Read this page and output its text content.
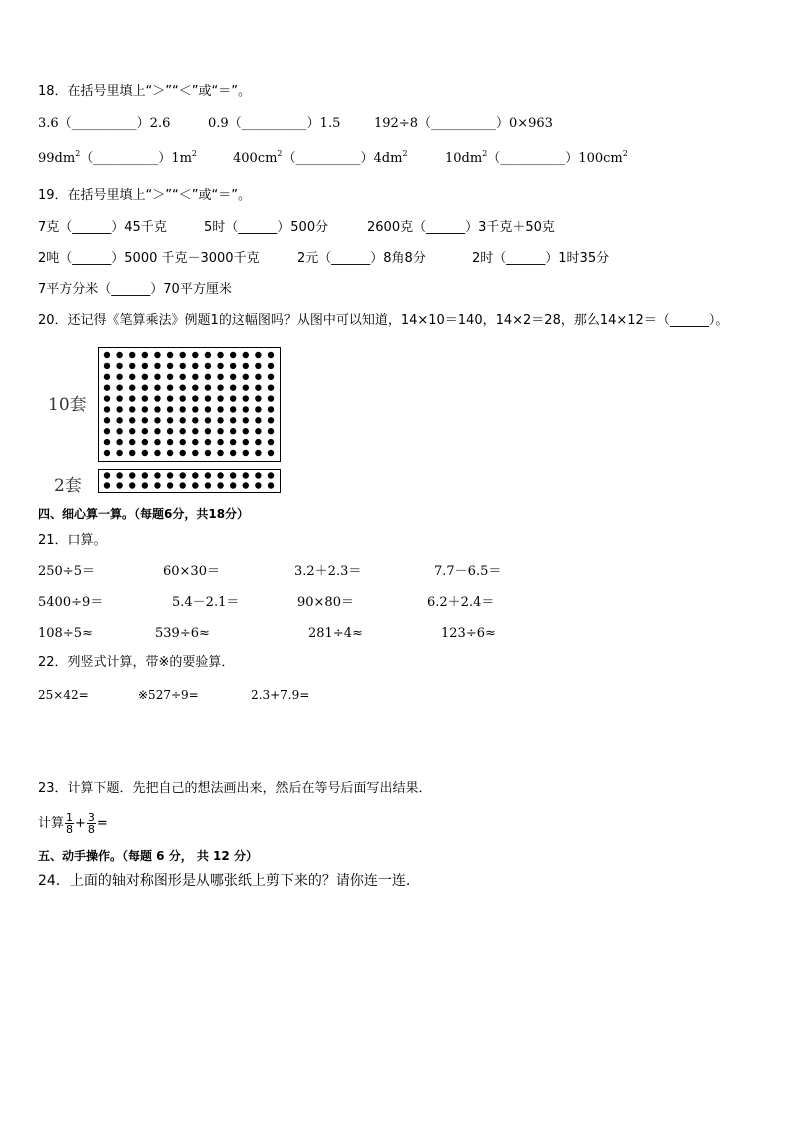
18．在括号里填上“＞”“＜”或“＝”。
3.6（__________）2.6	0.9（__________）1.5	192÷8（__________）0×963
$99dm^2(\_\_\_\_\_\_\_\_\_\_)1m^2$	$400cm^2(\_\_\_\_\_\_\_\_\_\_)4dm^2$	$10dm^2(\_\_\_\_\_\_\_\_\_\_)100cm^2$
19．在括号里填上“＞”“＜”或“＝”。
7克（______）45千克	5时（______）500分	2600克（______）3千克＋50克
2吨（______）5000 千克－3000千克	2元（______）8角8分	2时（______）1时35分
7平方分米（______）70平方厘米
20．还记得《笔算乘法》例题1的这幅图吗？从图中可以知道，14×10＝140，14×2＝28，那么14×12＝（______）。
10套
2套
四、细心算一算。（每题6分，共18分）
21．口算。
250÷5＝	60×30＝	3.2＋2.3＝	7.7－6.5＝
5400÷9＝	5.4－2.1＝	90×80＝	6.2＋2.4＝
108÷5≈	539÷6≈	281÷4≈	123÷6≈
22．列竖式计算，带※的要验算．
25×42=	※527÷9=	2.3+7.9=
23．计算下题．先把自己的想法画出来，然后在等号后面写出结果．
计算 $\frac{1}{8} + \frac{3}{8}$ =
五、动手操作。（每题 6 分， 共 12 分）
24．上面的轴对称图形是从哪张纸上剪下来的？请你连一连.
